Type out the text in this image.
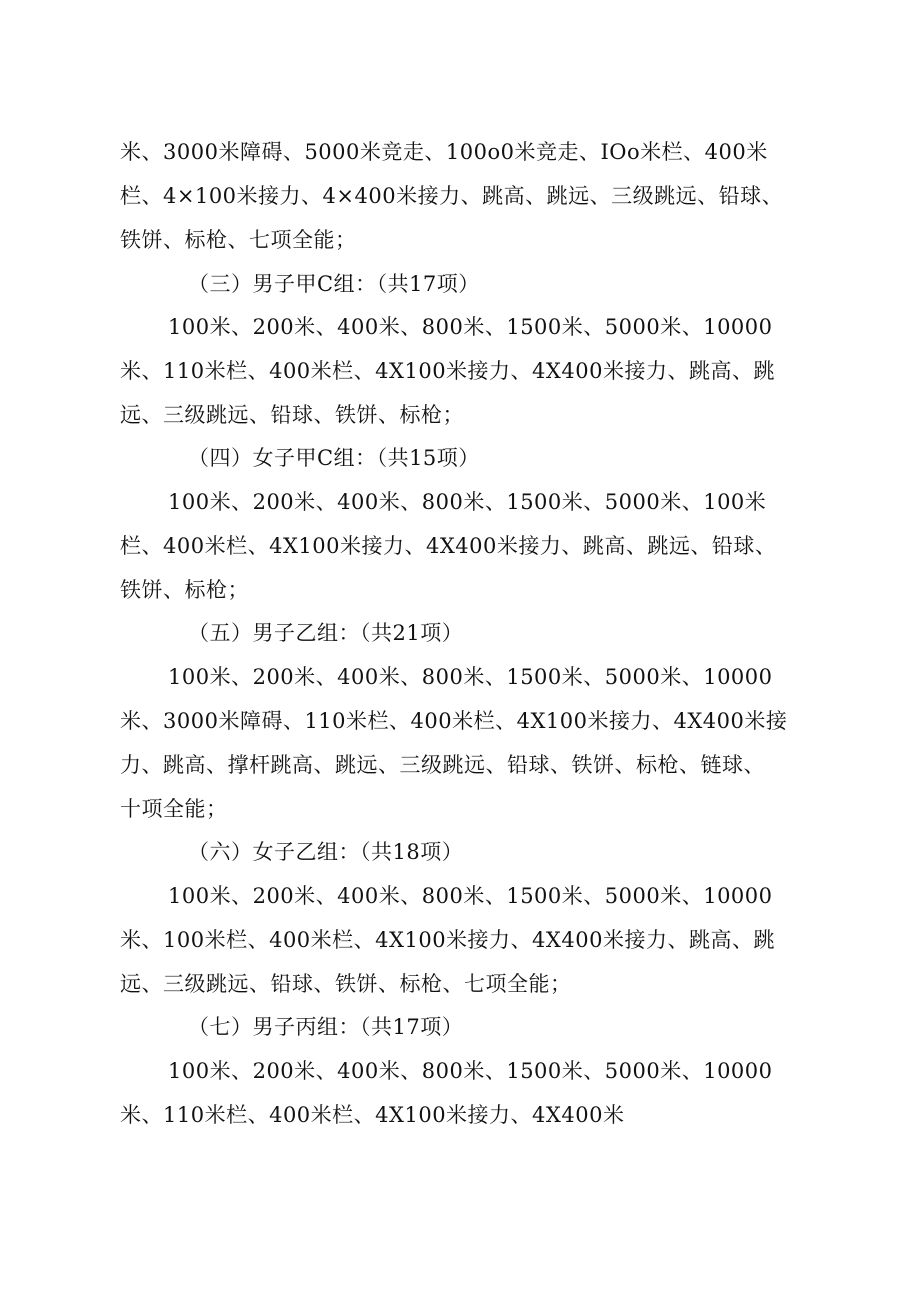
米、3000米障碍、5000米竞走、100o0米竞走、IOo米栏、400米
栏、4×100米接力、4×400米接力、跳高、跳远、三级跳远、铅球、
铁饼、标枪、七项全能；
（三）男子甲C组：（共17项）
100米、200米、400米、800米、1500米、5000米、10000
米、110米栏、400米栏、4X100米接力、4X400米接力、跳高、跳
远、三级跳远、铅球、铁饼、标枪；
（四）女子甲C组：（共15项）
100米、200米、400米、800米、1500米、5000米、100米
栏、400米栏、4X100米接力、4X400米接力、跳高、跳远、铅球、
铁饼、标枪；
（五）男子乙组：（共21项）
100米、200米、400米、800米、1500米、5000米、10000
米、3000米障碍、110米栏、400米栏、4X100米接力、4X400米接
力、跳高、撑杆跳高、跳远、三级跳远、铅球、铁饼、标枪、链球、
十项全能；
（六）女子乙组：（共18项）
100米、200米、400米、800米、1500米、5000米、10000
米、100米栏、400米栏、4X100米接力、4X400米接力、跳高、跳
远、三级跳远、铅球、铁饼、标枪、七项全能；
（七）男子丙组：（共17项）
100米、200米、400米、800米、1500米、5000米、10000
米、110米栏、400米栏、4X100米接力、4X400米
